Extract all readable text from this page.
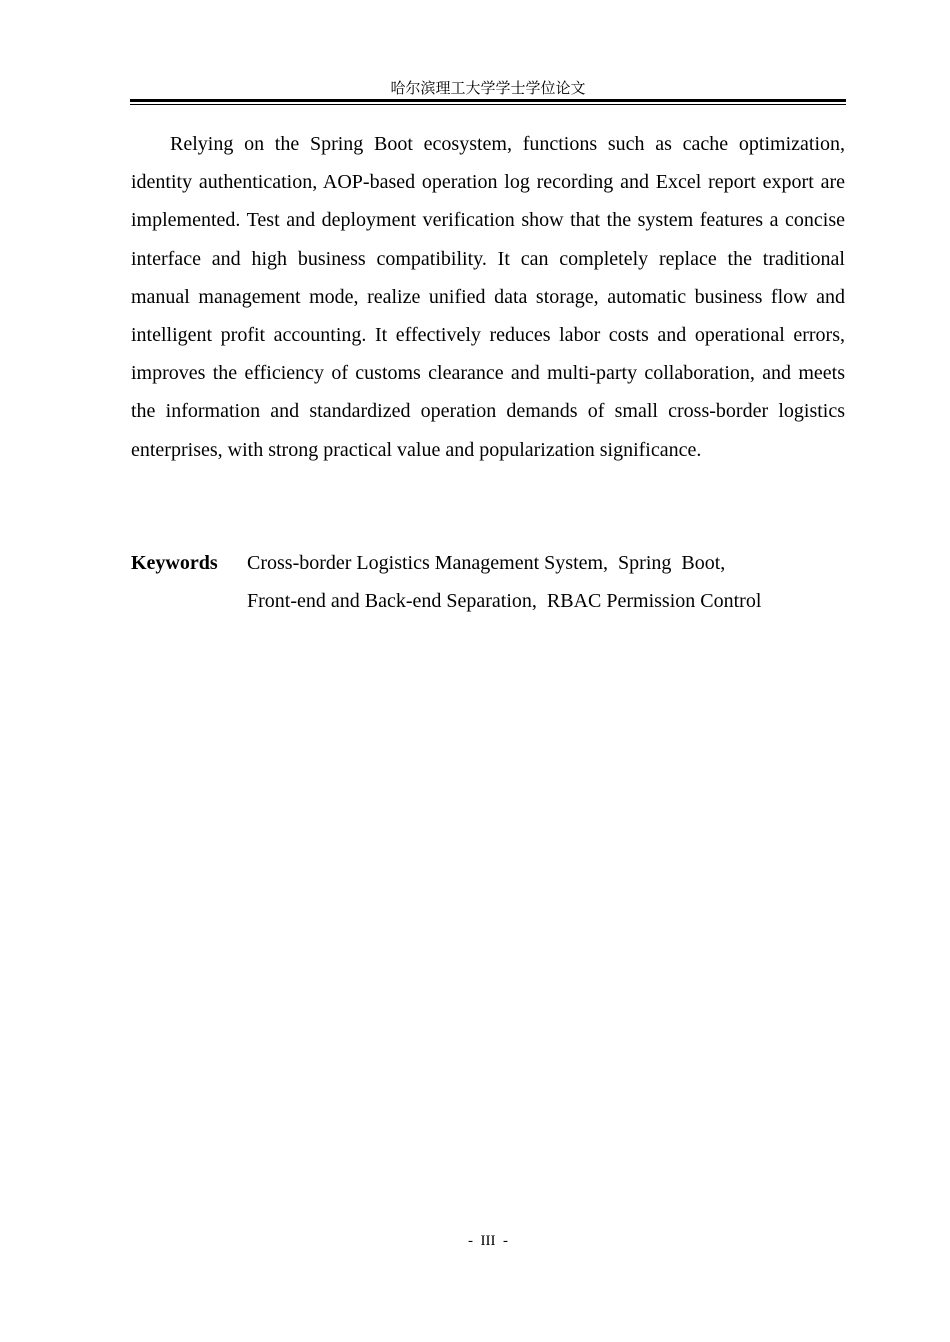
哈尔滨理工大学学士学位论文

Relying on the Spring Boot ecosystem, functions such as cache optimization, identity authentication, AOP-based operation log recording and Excel report export are implemented. Test and deployment verification show that the system features a concise interface and high business compatibility. It can completely replace the traditional manual management mode, realize unified data storage, automatic business flow and intelligent profit accounting. It effectively reduces labor costs and operational errors, improves the efficiency of customs clearance and multi-party collaboration, and meets the information and standardized operation demands of small cross-border logistics enterprises, with strong practical value and popularization significance.

Keywords	Cross-border Logistics Management System,  Spring  Boot,
Front-end and Back-end Separation,  RBAC Permission Control
-  III  -
